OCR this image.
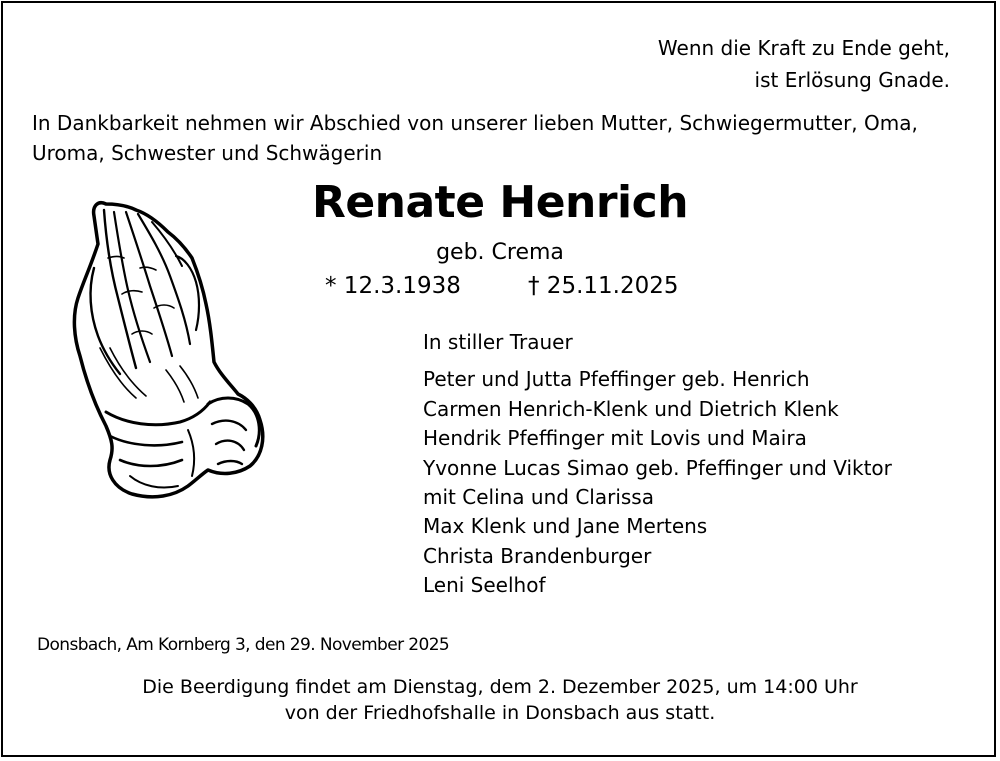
Wenn die Kraft zu Ende geht,
ist Erlösung Gnade.
In Dankbarkeit nehmen wir Abschied von unserer lieben Mutter, Schwiegermutter, Oma,
Uroma, Schwester und Schwägerin
Renate Henrich
geb. Crema
* 12.3.1938	† 25.11.2025
In stiller Trauer
Peter und Jutta Pfeffinger geb. Henrich
Carmen Henrich-Klenk und Dietrich Klenk
Hendrik Pfeffinger mit Lovis und Maira
Yvonne Lucas Simao geb. Pfeffinger und Viktor
mit Celina und Clarissa
Max Klenk und Jane Mertens
Christa Brandenburger
Leni Seelhof
Donsbach, Am Kornberg 3, den 29. November 2025
Die Beerdigung findet am Dienstag, dem 2. Dezember 2025, um 14:00 Uhr
von der Friedhofshalle in Donsbach aus statt.
